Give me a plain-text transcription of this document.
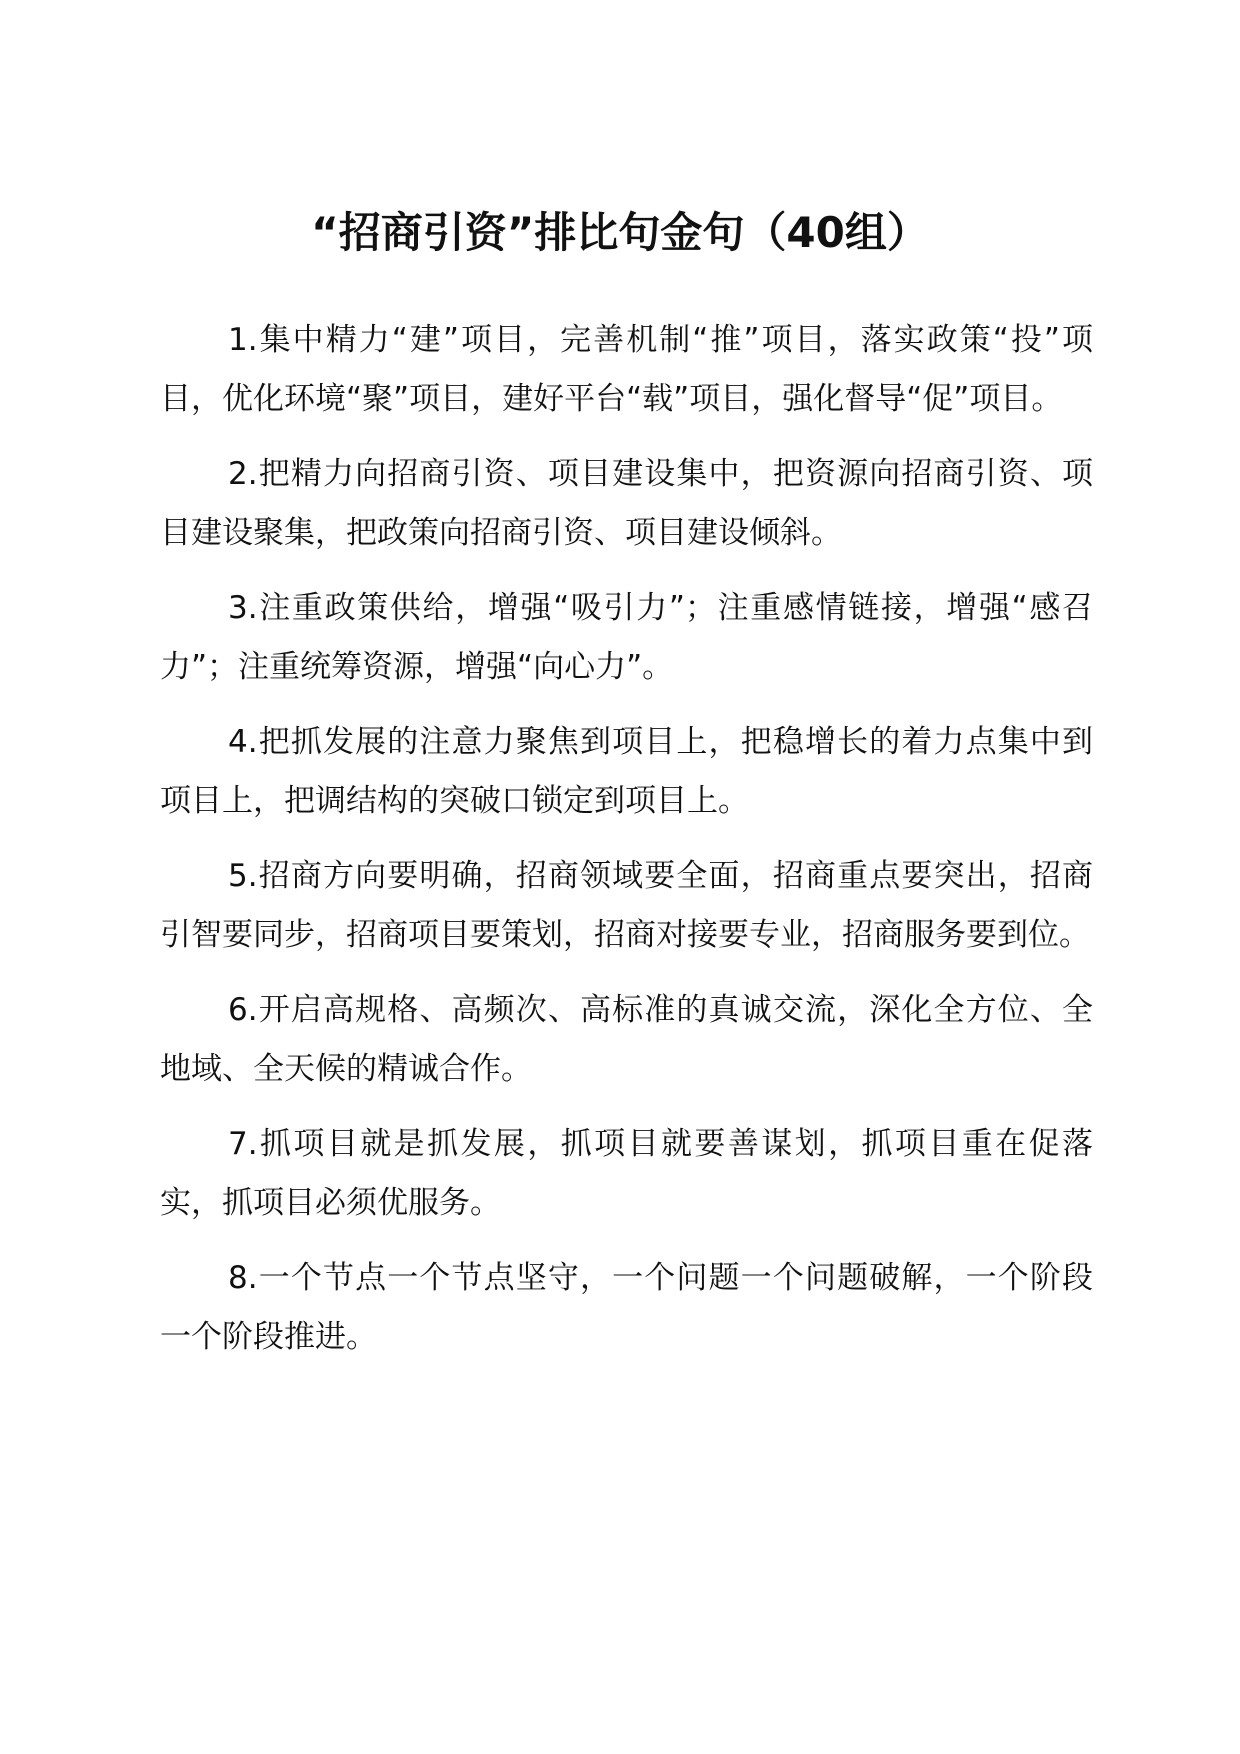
“招商引资”排比句金句（40组）

1.集中精力“建”项目，完善机制“推”项目，落实政策“投”项目，优化环境“聚”项目，建好平台“载”项目，强化督导“促”项目。

2.把精力向招商引资、项目建设集中，把资源向招商引资、项目建设聚集，把政策向招商引资、项目建设倾斜。

3.注重政策供给，增强“吸引力”；注重感情链接，增强“感召力”；注重统筹资源，增强“向心力”。

4.把抓发展的注意力聚焦到项目上，把稳增长的着力点集中到项目上，把调结构的突破口锁定到项目上。

5.招商方向要明确，招商领域要全面，招商重点要突出，招商引智要同步，招商项目要策划，招商对接要专业，招商服务要到位。

6.开启高规格、高频次、高标准的真诚交流，深化全方位、全地域、全天候的精诚合作。

7.抓项目就是抓发展，抓项目就要善谋划，抓项目重在促落实，抓项目必须优服务。

8.一个节点一个节点坚守，一个问题一个问题破解，一个阶段一个阶段推进。
